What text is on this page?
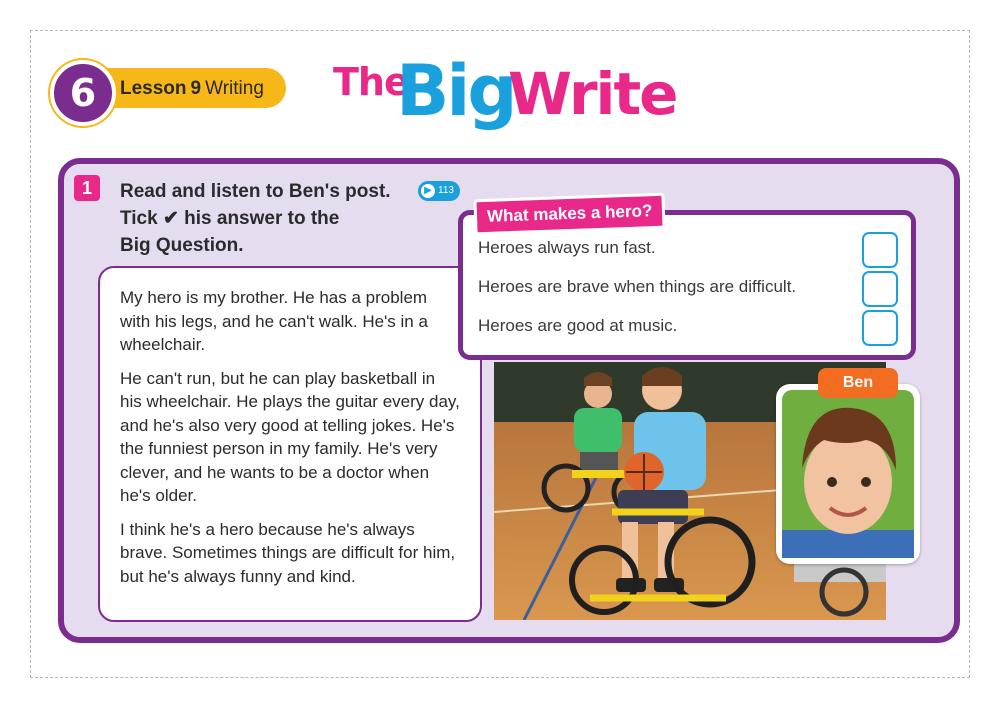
6	Lesson 9 Writing The
Big
Write
1	Read and listen to Ben's post.
Tick ✔ his answer to the
Big Question.
▶ 113

My hero is my brother. He has a problem with his legs, and he can't walk. He's in a wheelchair.

He can't run, but he can play basketball in his wheelchair. He plays the guitar every day, and he's also very good at telling jokes. He's the funniest person in my family. He's very clever, and he wants to be a doctor when he's older.

I think he's a hero because he's always brave. Sometimes things are difficult for him, but he's always funny and kind.

Ben
What makes a hero?
Heroes always run fast.
Heroes are brave when things are difficult.
Heroes are good at music.
